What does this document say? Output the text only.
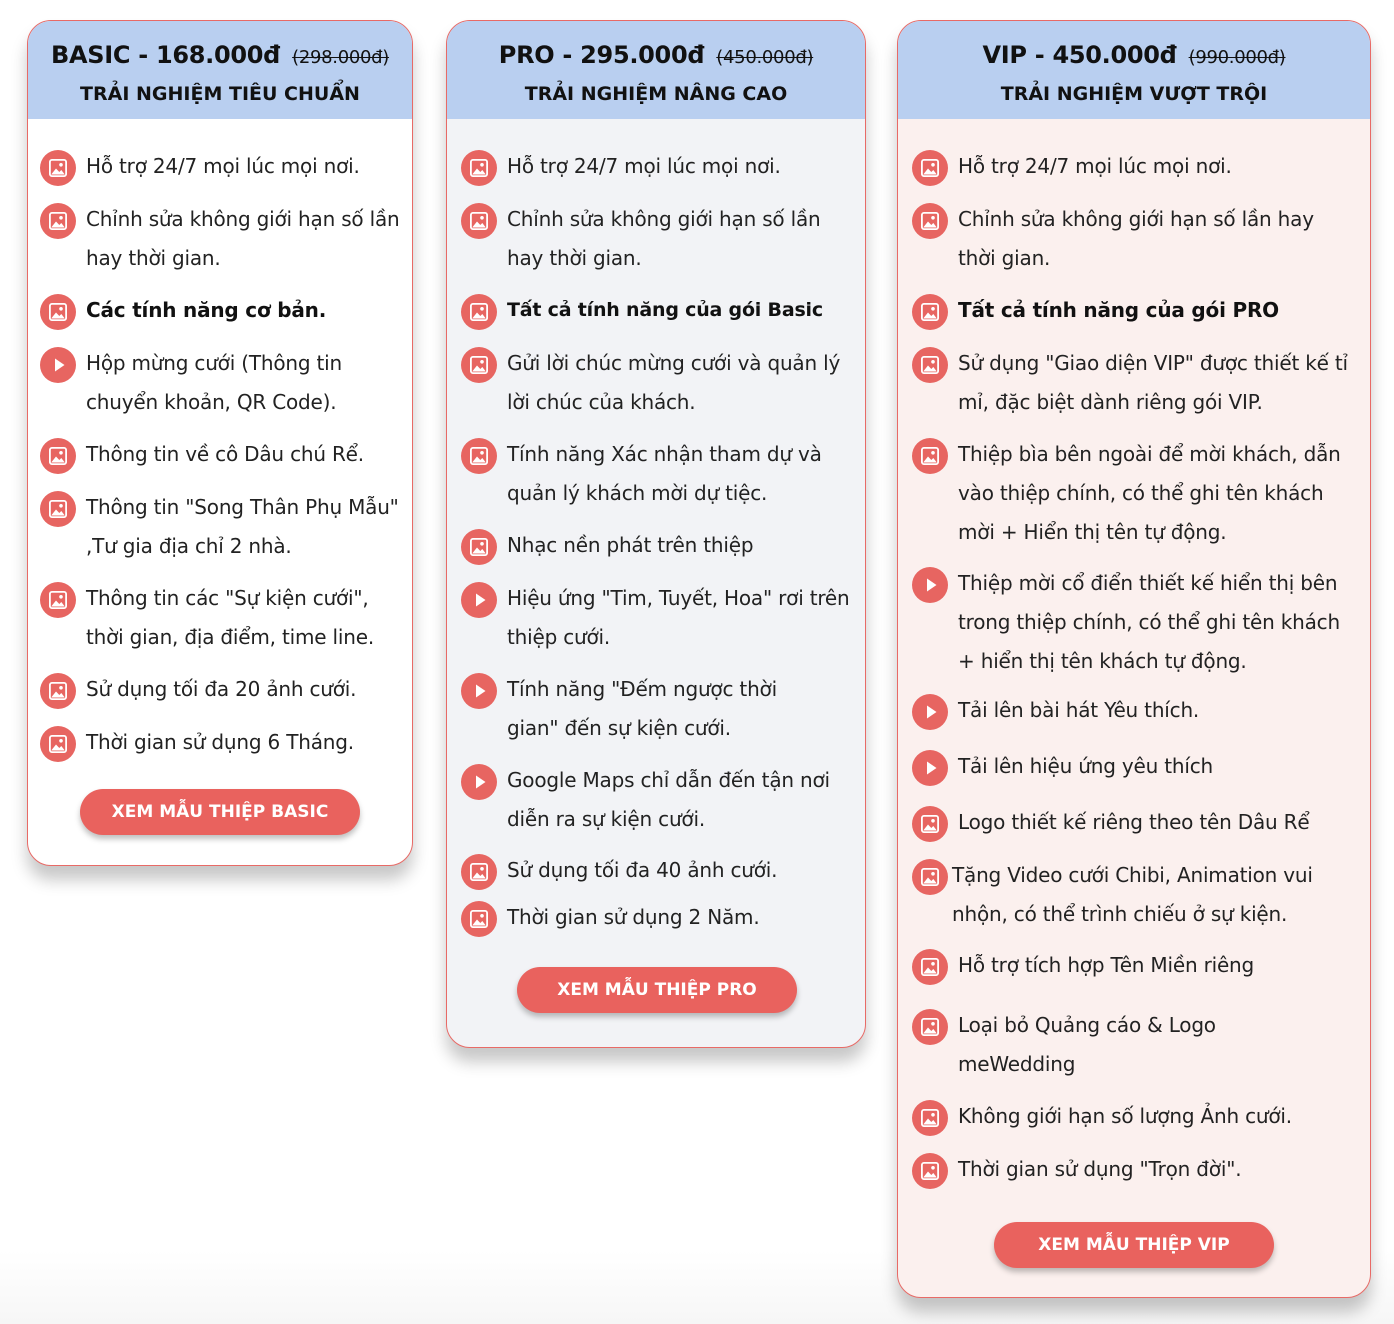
BASIC - 168.000đ (298.000đ)
TRẢI NGHIỆM TIÊU CHUẨN
Hỗ trợ 24/7 mọi lúc mọi nơi.
Chỉnh sửa không giới hạn số lần hay thời gian.
Các tính năng cơ bản.
Hộp mừng cưới (Thông tin chuyển khoản, QR Code).
Thông tin về cô Dâu chú Rể.
Thông tin "Song Thân Phụ Mẫu" ,Tư gia địa chỉ 2 nhà.
Thông tin các "Sự kiện cưới", thời gian, địa điểm, time line.
Sử dụng tối đa 20 ảnh cưới.
Thời gian sử dụng 6 Tháng.
XEM MẪU THIỆP BASIC
PRO - 295.000đ (450.000đ)
TRẢI NGHIỆM NÂNG CAO
Hỗ trợ 24/7 mọi lúc mọi nơi.
Chỉnh sửa không giới hạn số lần hay thời gian.
Tất cả tính năng của gói Basic
Gửi lời chúc mừng cưới và quản lý lời chúc của khách.
Tính năng Xác nhận tham dự và quản lý khách mời dự tiệc.
Nhạc nền phát trên thiệp
Hiệu ứng "Tim, Tuyết, Hoa" rơi trên thiệp cưới.
Tính năng "Đếm ngược thời gian" đến sự kiện cưới.
Google Maps chỉ dẫn đến tận nơi diễn ra sự kiện cưới.
Sử dụng tối đa 40 ảnh cưới.
Thời gian sử dụng 2 Năm.
XEM MẪU THIỆP PRO
VIP - 450.000đ (990.000đ)
TRẢI NGHIỆM VƯỢT TRỘI
Hỗ trợ 24/7 mọi lúc mọi nơi.
Chỉnh sửa không giới hạn số lần hay thời gian.
Tất cả tính năng của gói PRO
Sử dụng "Giao diện VIP" được thiết kế tỉ mỉ, đặc biệt dành riêng gói VIP.
Thiệp bìa bên ngoài để mời khách, dẫn vào thiệp chính, có thể ghi tên khách mời + Hiển thị tên tự động.
Thiệp mời cổ điển thiết kế hiển thị bên trong thiệp chính, có thể ghi tên khách + hiển thị tên khách tự động.
Tải lên bài hát Yêu thích.
Tải lên hiệu ứng yêu thích
Logo thiết kế riêng theo tên Dâu Rể
Tặng Video cưới Chibi, Animation vui nhộn, có thể trình chiếu ở sự kiện.
Hỗ trợ tích hợp Tên Miền riêng
Loại bỏ Quảng cáo & Logo meWedding
Không giới hạn số lượng Ảnh cưới.
Thời gian sử dụng "Trọn đời".
XEM MẪU THIỆP VIP
